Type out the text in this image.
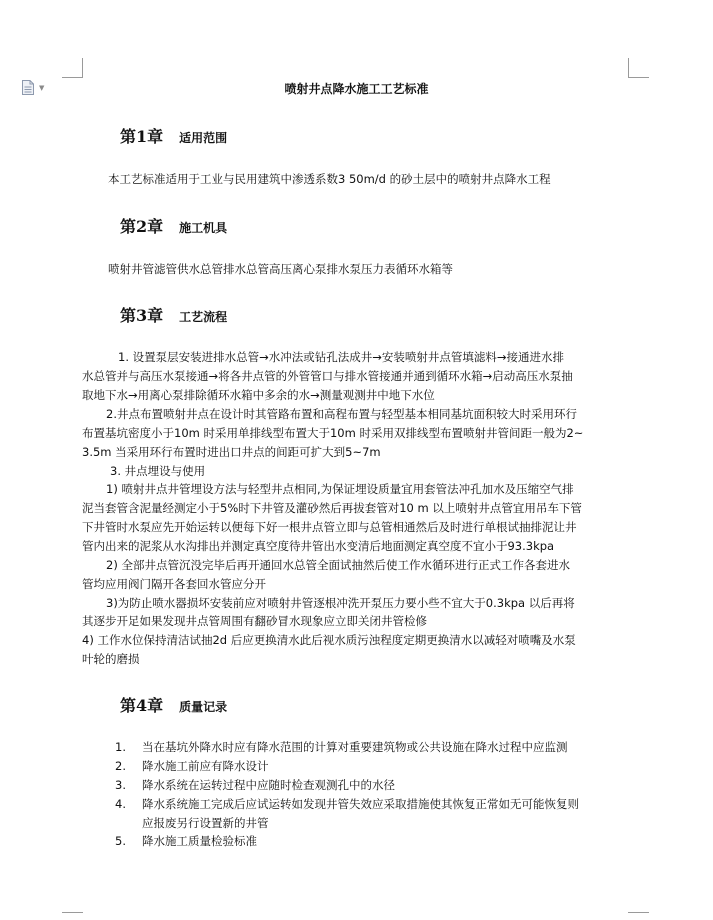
▼	喷射井点降水施工工艺标准
第1章 适用范围
本工艺标准适用于工业与民用建筑中渗透系数3 50m/d 的砂土层中的喷射井点降水工程
第2章 施工机具
喷射井管滤管供水总管排水总管高压离心泵排水泵压力表循环水箱等
第3章 工艺流程
1. 设置泵层安装进排水总管→水冲法或钻孔法成井→安装喷射井点管填滤料→接通进水排
水总管并与高压水泵接通→将各井点管的外管管口与排水管接通并通到循环水箱→启动高压水泵抽
取地下水→用离心泵排除循环水箱中多余的水→测量观测井中地下水位
2.井点布置喷射井点在设计时其管路布置和高程布置与轻型基本相同基坑面积较大时采用环行
布置基坑密度小于10m 时采用单排线型布置大于10m 时采用双排线型布置喷射井管间距一般为2~
3.5m 当采用环行布置时进出口井点的间距可扩大到5~7m
3. 井点埋设与使用
1) 喷射井点井管埋设方法与轻型井点相同,为保证埋设质量宜用套管法冲孔加水及压缩空气排
泥当套管含泥量经测定小于5%时下井管及灌砂然后再拔套管对10 m 以上喷射井点管宜用吊车下管
下井管时水泵应先开始运转以便每下好一根井点管立即与总管相通然后及时进行单根试抽排泥让井
管内出来的泥浆从水沟排出并测定真空度待井管出水变清后地面测定真空度不宜小于93.3kpa
2) 全部井点管沉没完毕后再开通回水总管全面试抽然后使工作水循环进行正式工作各套进水
管均应用阀门隔开各套回水管应分开
3)为防止喷水器损坏安装前应对喷射井管逐根冲洗开泵压力要小些不宜大于0.3kpa 以后再将
其逐步开足如果发现井点管周围有翻砂冒水现象应立即关闭井管检修
4) 工作水位保持清洁试抽2d 后应更换清水此后视水质污浊程度定期更换清水以减轻对喷嘴及水泵
叶轮的磨损
第4章 质量记录
1. 当在基坑外降水时应有降水范围的计算对重要建筑物或公共设施在降水过程中应监测
2. 降水施工前应有降水设计
3. 降水系统在运转过程中应随时检查观测孔中的水径
4. 降水系统施工完成后应试运转如发现井管失效应采取措施使其恢复正常如无可能恢复则
应报废另行设置新的井管
5. 降水施工质量检验标准
